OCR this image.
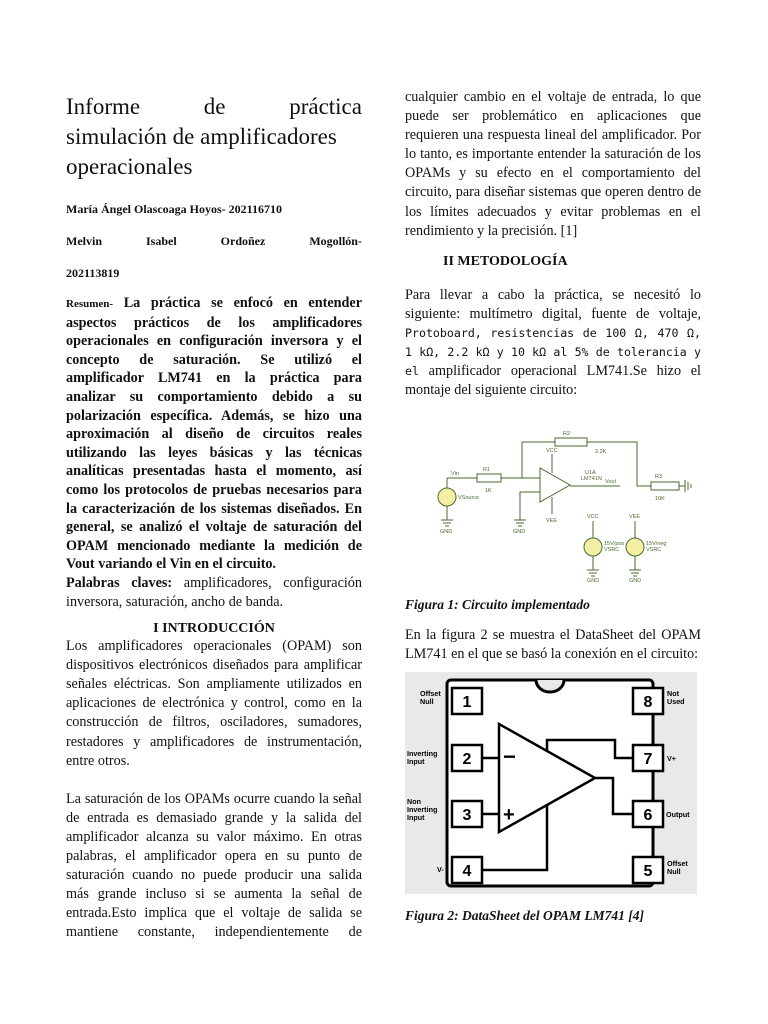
Informe	de	práctica
simulación de amplificadores
operacionales
María Ángel Olascoaga Hoyos- 202116710
Melvin	Isabel	Ordoñez	Mogollón-
202113819

Resumen- La práctica se enfocó en entender aspectos prácticos de los amplificadores operacionales en configuración inversora y el concepto de saturación. Se utilizó el amplificador LM741 en la práctica para analizar su comportamiento debido a su polarización específica. Además, se hizo una aproximación al diseño de circuitos reales utilizando las leyes básicas y las técnicas analíticas presentadas hasta el momento, así como los protocolos de pruebas necesarios para la caracterización de los sistemas diseñados. En general, se analizó el voltaje de saturación del OPAM mencionado mediante la medición de Vout variando el Vin en el circuito.

Palabras claves: amplificadores, configuración inversora, saturación, ancho de banda.

I INTRODUCCIÓN

Los amplificadores operacionales (OPAM) son dispositivos electrónicos diseñados para amplificar señales eléctricas. Son ampliamente utilizados en aplicaciones de electrónica y control, como en la construcción de filtros, osciladores, sumadores, restadores y amplificadores de instrumentación, entre otros.

La saturación de los OPAMs ocurre cuando la señal de entrada es demasiado grande y la salida del amplificador alcanza su valor máximo. En otras palabras, el amplificador opera en su punto de saturación cuando no puede producir una salida más grande incluso si se aumenta la señal de entrada.Esto implica que el voltaje de salida se mantiene constante, independientemente de

cualquier cambio en el voltaje de entrada, lo que puede ser problemático en aplicaciones que requieren una respuesta lineal del amplificador. Por lo tanto, es importante entender la saturación de los OPAMs y su efecto en el comportamiento del circuito, para diseñar sistemas que operen dentro de los límites adecuados y evitar problemas en el rendimiento y la precisión. [1]

II METODOLOGÍA

Para llevar a cabo la práctica, se necesitó lo siguiente: multímetro digital, fuente de voltaje, Protoboard, resistencias de 100 Ω, 470 Ω, 1 kΩ, 2.2 kΩ y 10 kΩ al 5% de tolerancia y el amplificador operacional LM741.Se hizo el montaje del siguiente circuito:

R2
2.2K
VCC
Vin
VSource
R1
1K
U1A
LM741N Vout
R3
10K
VEE
GND	GND
VCC	VEE
15V/pos
VSRC
15V/neg
VSRC
GND	GND

Figura 1: Circuito implementado

En la figura 2 se muestra el DataSheet del OPAM LM741 en el que se basó la conexión en el circuito:

−
+
1
2
3
4	5
6
7
8
Offset Null
Inverting Input
Non Inverting Input
V-
Not Used
V+
Output
Offset Null

Figura 2: DataSheet del OPAM LM741 [4]
